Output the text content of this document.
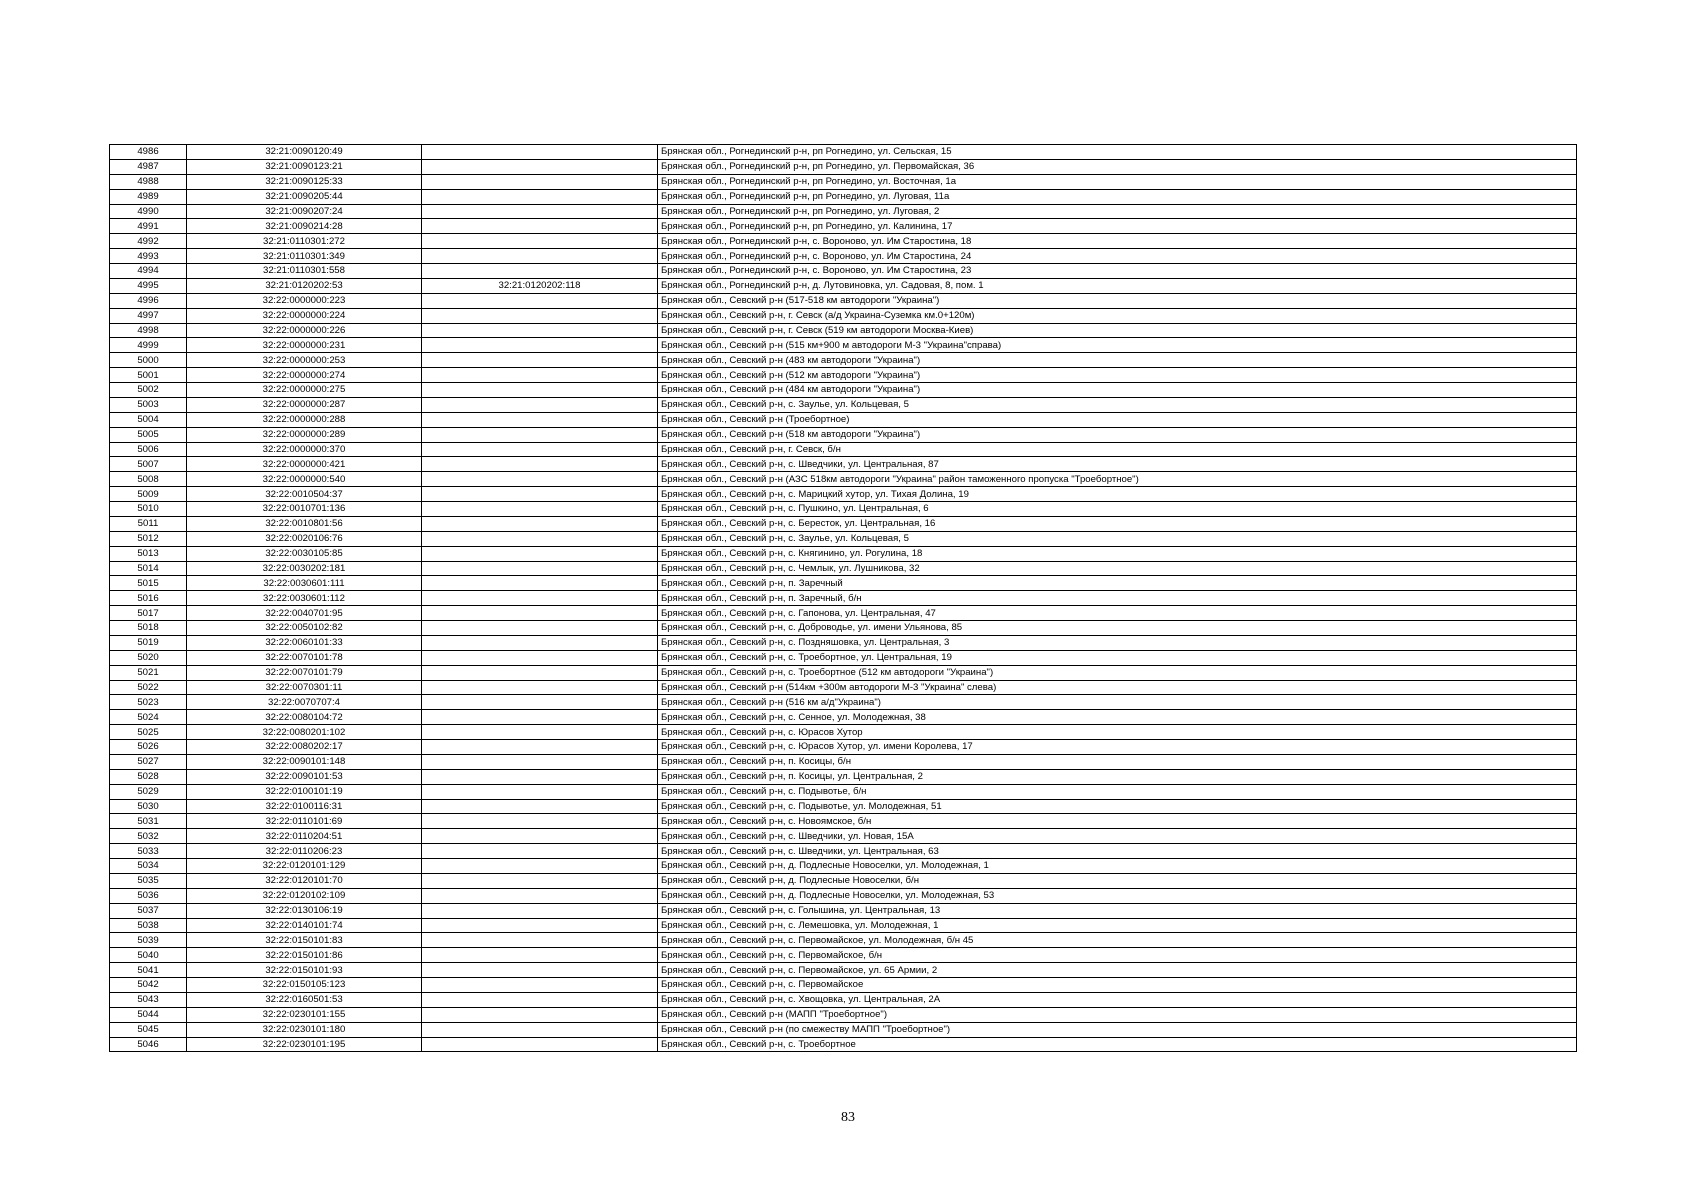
4986	32:21:0090120:49		Брянская обл., Рогнединский р-н, рп Рогнедино, ул. Сельская, 15
4987	32:21:0090123:21		Брянская обл., Рогнединский р-н, рп Рогнедино, ул. Первомайская, 36
4988	32:21:0090125:33		Брянская обл., Рогнединский р-н, рп Рогнедино, ул. Восточная, 1а
4989	32:21:0090205:44		Брянская обл., Рогнединский р-н, рп Рогнедино, ул. Луговая, 11а
4990	32:21:0090207:24		Брянская обл., Рогнединский р-н, рп Рогнедино, ул. Луговая, 2
4991	32:21:0090214:28		Брянская обл., Рогнединский р-н, рп Рогнедино, ул. Калинина, 17
4992	32:21:0110301:272		Брянская обл., Рогнединский р-н, с. Вороново, ул. Им Старостина, 18
4993	32:21:0110301:349		Брянская обл., Рогнединский р-н, с. Вороново, ул. Им Старостина, 24
4994	32:21:0110301:558		Брянская обл., Рогнединский р-н, с. Вороново, ул. Им Старостина, 23
4995	32:21:0120202:53	32:21:0120202:118	Брянская обл., Рогнединский р-н, д. Лутовиновка, ул. Садовая, 8, пом. 1
4996	32:22:0000000:223		Брянская обл., Севский р-н (517-518 км автодороги "Украина")
4997	32:22:0000000:224		Брянская обл., Севский р-н, г. Севск (а/д Украина-Суземка км.0+120м)
4998	32:22:0000000:226		Брянская обл., Севский р-н, г. Севск (519 км автодороги Москва-Киев)
4999	32:22:0000000:231		Брянская обл., Севский р-н (515 км+900 м автодороги М-3 "Украина"справа)
5000	32:22:0000000:253		Брянская обл., Севский р-н (483 км автодороги "Украина")
5001	32:22:0000000:274		Брянская обл., Севский р-н (512 км автодороги "Украина")
5002	32:22:0000000:275		Брянская обл., Севский р-н (484 км автодороги "Украина")
5003	32:22:0000000:287		Брянская обл., Севский р-н, с. Заулье, ул. Кольцевая, 5
5004	32:22:0000000:288		Брянская обл., Севский р-н (Троебортное)
5005	32:22:0000000:289		Брянская обл., Севский р-н (518 км автодороги "Украина")
5006	32:22:0000000:370		Брянская обл., Севский р-н, г. Севск, б/н
5007	32:22:0000000:421		Брянская обл., Севский р-н, с. Шведчики, ул. Центральная, 87
5008	32:22:0000000:540		Брянская обл., Севский р-н (АЗС 518км автодороги "Украина" район таможенного пропуска "Троебортное")
5009	32:22:0010504:37		Брянская обл., Севский р-н, с. Марицкий хутор, ул. Тихая Долина, 19
5010	32:22:0010701:136		Брянская обл., Севский р-н, с. Пушкино, ул. Центральная, 6
5011	32:22:0010801:56		Брянская обл., Севский р-н, с. Бересток, ул. Центральная, 16
5012	32:22:0020106:76		Брянская обл., Севский р-н, с. Заулье, ул. Кольцевая, 5
5013	32:22:0030105:85		Брянская обл., Севский р-н, с. Княгинино, ул. Рогулина, 18
5014	32:22:0030202:181		Брянская обл., Севский р-н, с. Чемлык, ул. Лушникова, 32
5015	32:22:0030601:111		Брянская обл., Севский р-н, п. Заречный
5016	32:22:0030601:112		Брянская обл., Севский р-н, п. Заречный, б/н
5017	32:22:0040701:95		Брянская обл., Севский р-н, с. Гапонова, ул. Центральная, 47
5018	32:22:0050102:82		Брянская обл., Севский р-н, с. Доброводье, ул. имени Ульянова, 85
5019	32:22:0060101:33		Брянская обл., Севский р-н, с. Поздняшовка, ул. Центральная, 3
5020	32:22:0070101:78		Брянская обл., Севский р-н, с. Троебортное, ул. Центральная, 19
5021	32:22:0070101:79		Брянская обл., Севский р-н, с. Троебортное (512 км автодороги "Украина")
5022	32:22:0070301:11		Брянская обл., Севский р-н (514км +300м автодороги М-3 "Украина" слева)
5023	32:22:0070707:4		Брянская обл., Севский р-н (516 км а/д"Украина")
5024	32:22:0080104:72		Брянская обл., Севский р-н, с. Сенное, ул. Молодежная, 38
5025	32:22:0080201:102		Брянская обл., Севский р-н, с. Юрасов Хутор
5026	32:22:0080202:17		Брянская обл., Севский р-н, с. Юрасов Хутор, ул. имени Королева, 17
5027	32:22:0090101:148		Брянская обл., Севский р-н, п. Косицы, б/н
5028	32:22:0090101:53		Брянская обл., Севский р-н, п. Косицы, ул. Центральная, 2
5029	32:22:0100101:19		Брянская обл., Севский р-н, с. Подывотье, б/н
5030	32:22:0100116:31		Брянская обл., Севский р-н, с. Подывотье, ул. Молодежная, 51
5031	32:22:0110101:69		Брянская обл., Севский р-н, с. Новоямское, б/н
5032	32:22:0110204:51		Брянская обл., Севский р-н, с. Шведчики, ул. Новая, 15А
5033	32:22:0110206:23		Брянская обл., Севский р-н, с. Шведчики, ул. Центральная, 63
5034	32:22:0120101:129		Брянская обл., Севский р-н, д. Подлесные Новоселки, ул. Молодежная, 1
5035	32:22:0120101:70		Брянская обл., Севский р-н, д. Подлесные Новоселки, б/н
5036	32:22:0120102:109		Брянская обл., Севский р-н, д. Подлесные Новоселки, ул. Молодежная, 53
5037	32:22:0130106:19		Брянская обл., Севский р-н, с. Голышина, ул. Центральная, 13
5038	32:22:0140101:74		Брянская обл., Севский р-н, с. Лемешовка, ул. Молодежная, 1
5039	32:22:0150101:83		Брянская обл., Севский р-н, с. Первомайское, ул. Молодежная, б/н 45
5040	32:22:0150101:86		Брянская обл., Севский р-н, с. Первомайское, б/н
5041	32:22:0150101:93		Брянская обл., Севский р-н, с. Первомайское, ул. 65 Армии, 2
5042	32:22:0150105:123		Брянская обл., Севский р-н, с. Первомайское
5043	32:22:0160501:53		Брянская обл., Севский р-н, с. Хвощовка, ул. Центральная, 2А
5044	32:22:0230101:155		Брянская обл., Севский р-н (МАПП "Троебортное")
5045	32:22:0230101:180		Брянская обл., Севский р-н (по смежеству МАПП "Троебортное")
5046	32:22:0230101:195		Брянская обл., Севский р-н, с. Троебортное
83
